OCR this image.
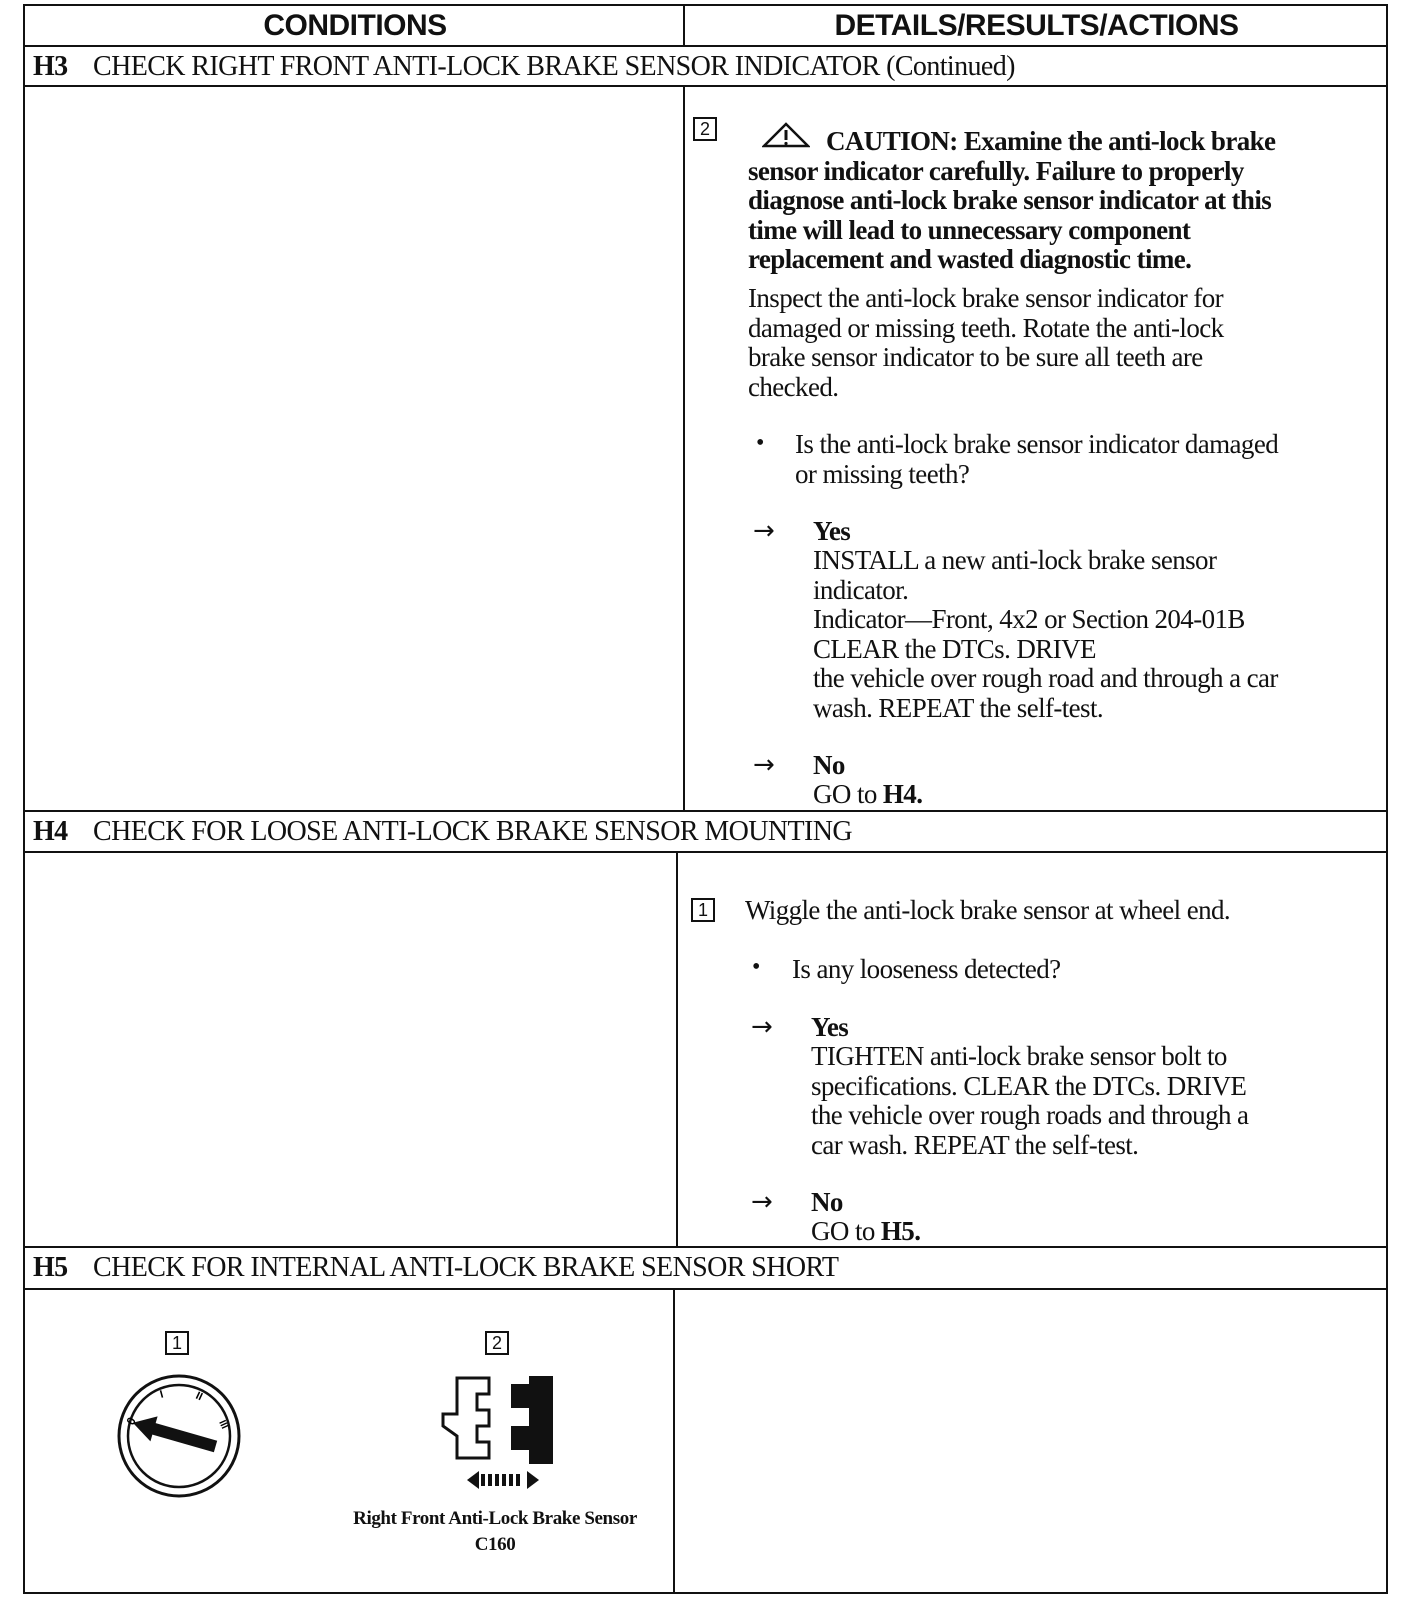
CONDITIONS	DETAILS/RESULTS/ACTIONS
H3 CHECK RIGHT FRONT ANTI-LOCK BRAKE SENSOR INDICATOR (Continued)
2	CAUTION: Examine the anti-lock brake
sensor indicator carefully. Failure to properly
diagnose anti-lock brake sensor indicator at this
time will lead to unnecessary component
replacement and wasted diagnostic time.
Inspect the anti-lock brake sensor indicator for
damaged or missing teeth. Rotate the anti-lock
brake sensor indicator to be sure all teeth are
checked.
• Is the anti-lock brake sensor indicator damaged
or missing teeth?
→ Yes
INSTALL a new anti-lock brake sensor
indicator.
Indicator—Front, 4x2 or Section 204-01B
CLEAR the DTCs. DRIVE
the vehicle over rough road and through a car
wash. REPEAT the self-test.
→ No
GO to H4.
H4 CHECK FOR LOOSE ANTI-LOCK BRAKE SENSOR MOUNTING
1 Wiggle the anti-lock brake sensor at wheel end.
• Is any looseness detected?
→ Yes
TIGHTEN anti-lock brake sensor bolt to
specifications. CLEAR the DTCs. DRIVE
the vehicle over rough roads and through a
car wash. REPEAT the self-test.
→ No
GO to H5.
H5 CHECK FOR INTERNAL ANTI-LOCK BRAKE SENSOR SHORT
1	2
0
I	II
III
Right Front Anti-Lock Brake Sensor
C160
